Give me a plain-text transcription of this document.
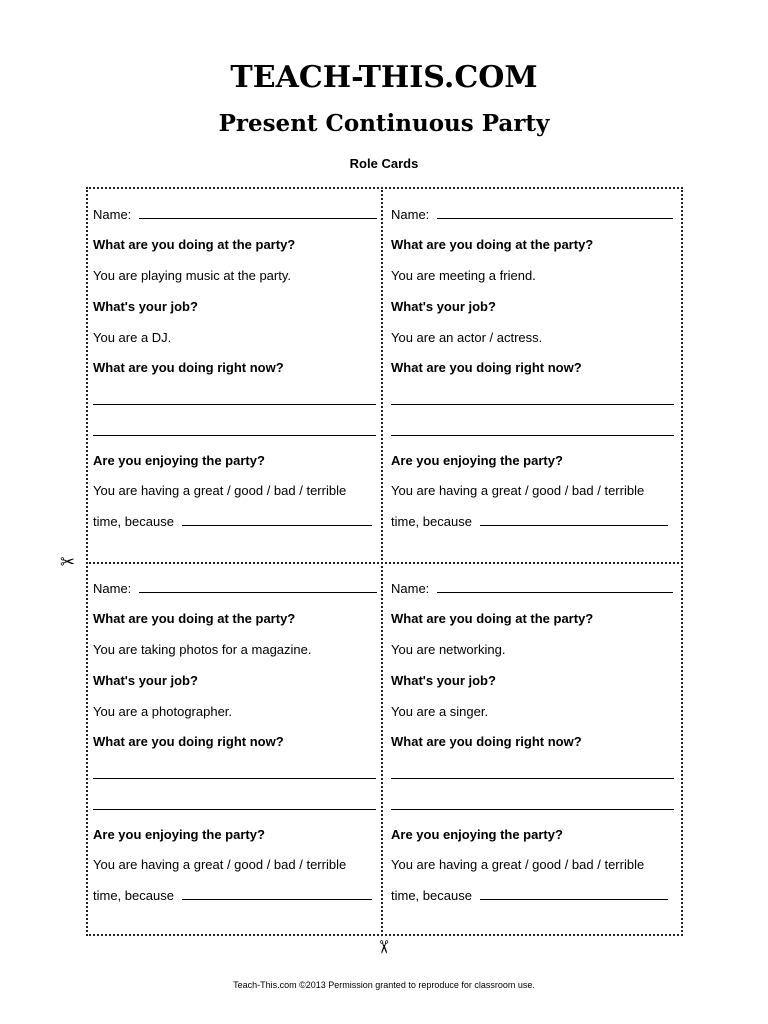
TEACH-THIS.COM
Present Continuous Party
Role Cards
✂
✂
Name:
What are you doing at the party?
You are playing music at the party.
What's your job?
You are a DJ.
What are you doing right now?
Are you enjoying the party?
You are having a great / good / bad / terrible
time, because
Name:
What are you doing at the party?
You are meeting a friend.
What's your job?
You are an actor / actress.
What are you doing right now?
Are you enjoying the party?
You are having a great / good / bad / terrible
time, because
Name:
What are you doing at the party?
You are taking photos for a magazine.
What's your job?
You are a photographer.
What are you doing right now?
Are you enjoying the party?
You are having a great / good / bad / terrible
time, because
Name:
What are you doing at the party?
You are networking.
What's your job?
You are a singer.
What are you doing right now?
Are you enjoying the party?
You are having a great / good / bad / terrible
time, because
Teach-This.com ©2013 Permission granted to reproduce for classroom use.
